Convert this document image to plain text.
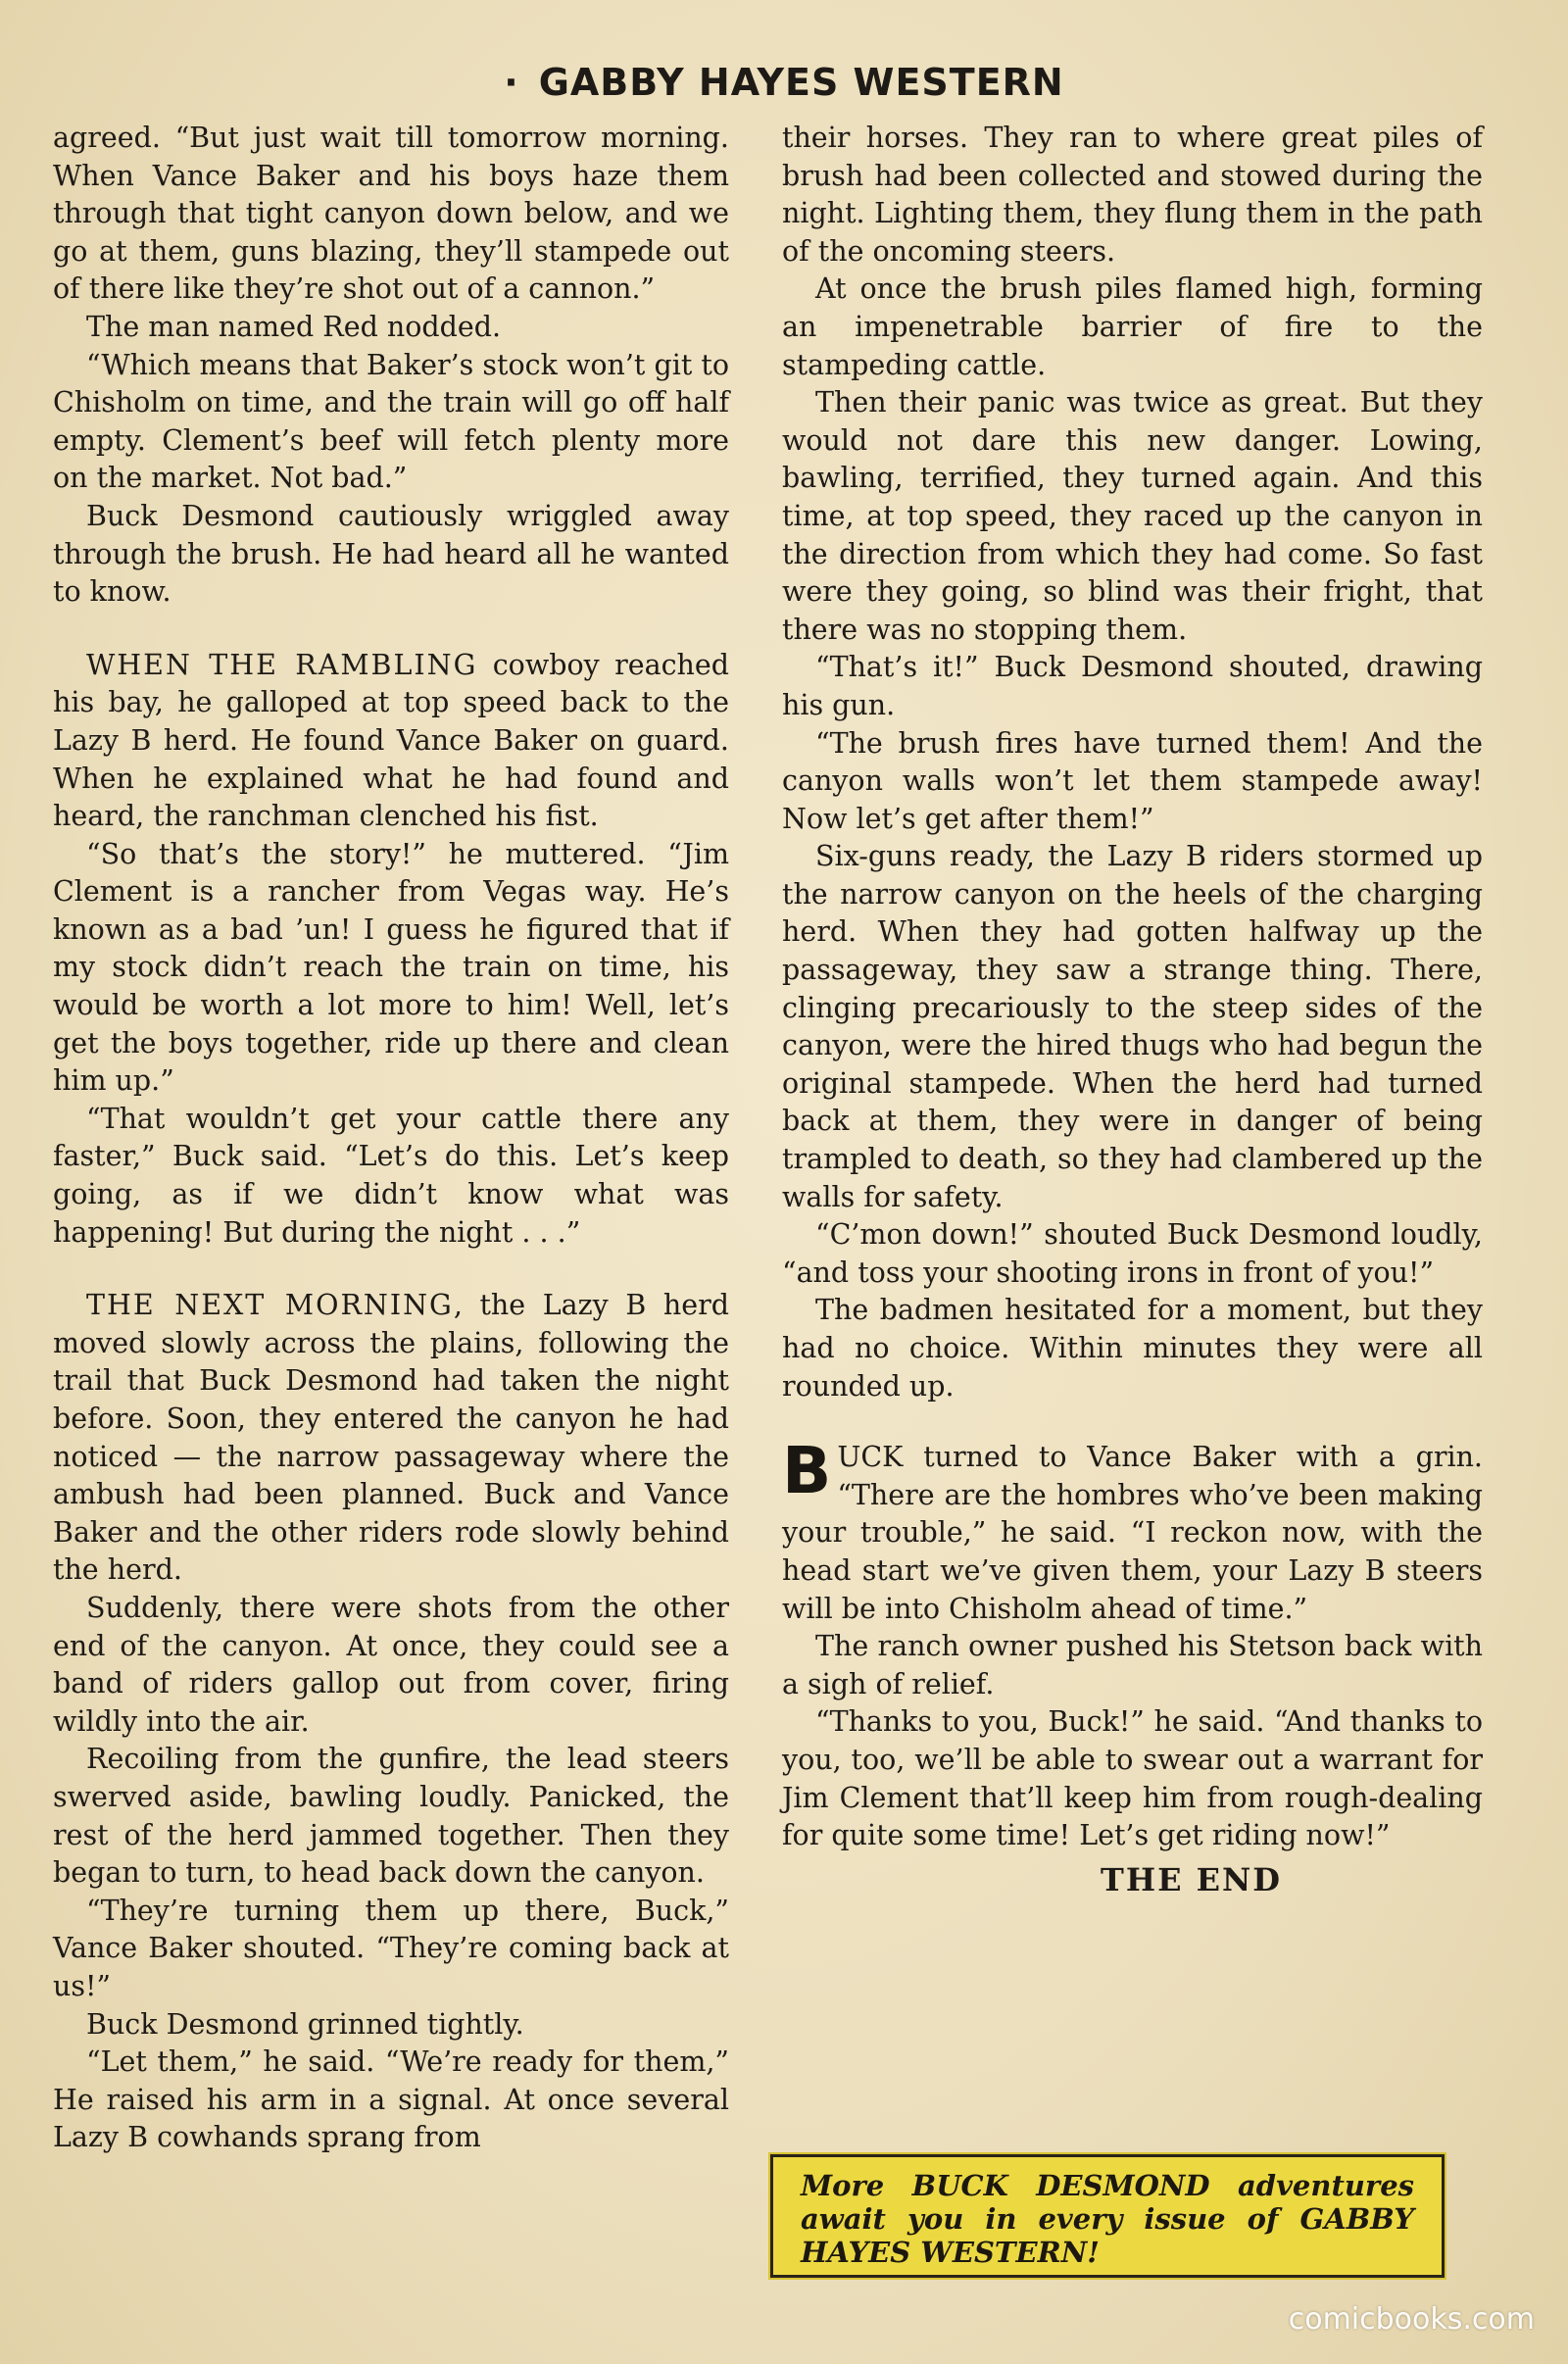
· GABBY HAYES WESTERN

agreed. “But just wait till tomorrow morning. When Vance Baker and his boys haze them through that tight canyon down below, and we go at them, guns blazing, they’ll stampede out of there like they’re shot out of a cannon.”

The man named Red nodded.

“Which means that Baker’s stock won’t git to Chisholm on time, and the train will go off half empty. Clement’s beef will fetch plenty more on the market. Not bad.”

Buck Desmond cautiously wriggled away through the brush. He had heard all he wanted to know.

WHEN THE RAMBLING cowboy reached his bay, he galloped at top speed back to the Lazy B herd. He found Vance Baker on guard. When he explained what he had found and heard, the ranchman clenched his fist.

“So that’s the story!” he muttered. “Jim Clement is a rancher from Vegas way. He’s known as a bad ’un! I guess he figured that if my stock didn’t reach the train on time, his would be worth a lot more to him! Well, let’s get the boys together, ride up there and clean him up.”

“That wouldn’t get your cattle there any faster,” Buck said. “Let’s do this. Let’s keep going, as if we didn’t know what was happening! But during the night . . .”

THE NEXT MORNING, the Lazy B herd moved slowly across the plains, following the trail that Buck Desmond had taken the night before. Soon, they entered the canyon he had noticed — the narrow passageway where the ambush had been planned. Buck and Vance Baker and the other riders rode slowly behind the herd.

Suddenly, there were shots from the other end of the canyon. At once, they could see a band of riders gallop out from cover, firing wildly into the air.

Recoiling from the gunfire, the lead steers swerved aside, bawling loudly. Panicked, the rest of the herd jammed together. Then they began to turn, to head back down the canyon.

“They’re turning them up there, Buck,” Vance Baker shouted. “They’re coming back at us!”

Buck Desmond grinned tightly.

“Let them,” he said. “We’re ready for them,” He raised his arm in a signal. At once several Lazy B cowhands sprang from

their horses. They ran to where great piles of brush had been collected and stowed during the night. Lighting them, they flung them in the path of the oncoming steers.

At once the brush piles flamed high, forming an impenetrable barrier of fire to the stampeding cattle.

Then their panic was twice as great. But they would not dare this new danger. Lowing, bawling, terrified, they turned again. And this time, at top speed, they raced up the canyon in the direction from which they had come. So fast were they going, so blind was their fright, that there was no stopping them.

“That’s it!” Buck Desmond shouted, drawing his gun.

“The brush fires have turned them! And the canyon walls won’t let them stampede away! Now let’s get after them!”

Six-guns ready, the Lazy B riders stormed up the narrow canyon on the heels of the charging herd. When they had gotten halfway up the passageway, they saw a strange thing. There, clinging precariously to the steep sides of the canyon, were the hired thugs who had begun the original stampede. When the herd had turned back at them, they were in danger of being trampled to death, so they had clambered up the walls for safety.

“C’mon down!” shouted Buck Desmond loudly, “and toss your shooting irons in front of you!”

The badmen hesitated for a moment, but they had no choice. Within minutes they were all rounded up.

BUCK turned to Vance Baker with a grin. “There are the hombres who’ve been making your trouble,” he said. “I reckon now, with the head start we’ve given them, your Lazy B steers will be into Chisholm ahead of time.”

The ranch owner pushed his Stetson back with a sigh of relief.

“Thanks to you, Buck!” he said. “And thanks to you, too, we’ll be able to swear out a warrant for Jim Clement that’ll keep him from rough-dealing for quite some time! Let’s get riding now!”

THE END
More BUCK DESMOND adventures await you in every issue of GABBY HAYES WESTERN!
comicbooks.com
